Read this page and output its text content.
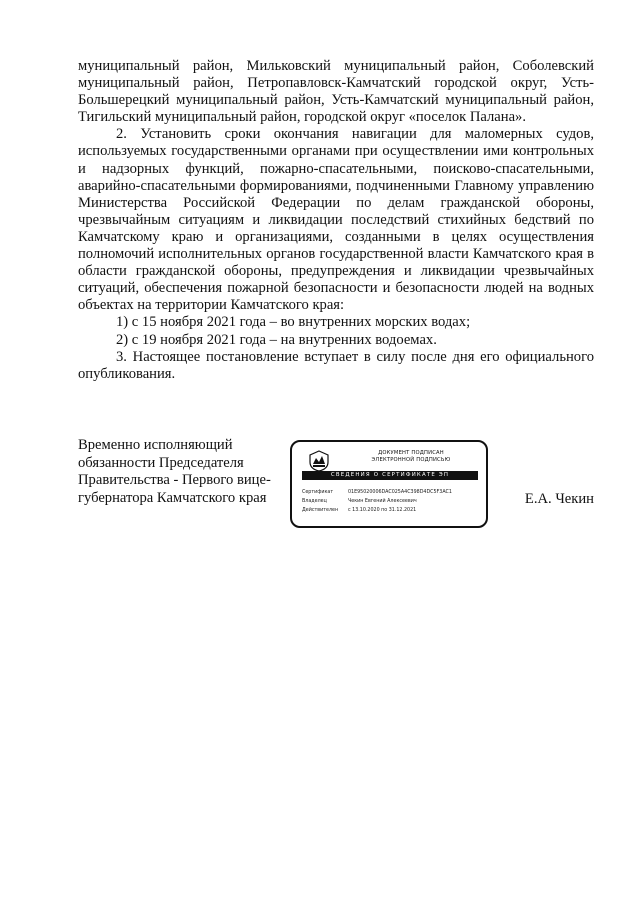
муниципальный район, Мильковский муниципальный район, Соболевский муниципальный район, Петропавловск-Камчатский городской округ, Усть-Большерецкий муниципальный район, Усть-Камчатский муниципальный район, Тигильский муниципальный район, городской округ «поселок Палана».

2. Установить сроки окончания навигации для маломерных судов, используемых государственными органами при осуществлении ими контрольных и надзорных функций, пожарно-спасательными, поисково-спасательными, аварийно-спасательными формированиями, подчиненными Главному управлению Министерства Российской Федерации по делам гражданской обороны, чрезвычайным ситуациям и ликвидации последствий стихийных бедствий по Камчатскому краю и организациями, созданными в целях осуществления полномочий исполнительных органов государственной власти Камчатского края в области гражданской обороны, предупреждения и ликвидации чрезвычайных ситуаций, обеспечения пожарной безопасности и безопасности людей на водных объектах на территории Камчатского края:

1) с 15 ноября 2021 года – во внутренних морских водах;

2) с 19 ноября 2021 года – на внутренних водоемах.

3. Настоящее постановление вступает в силу после дня его официального опубликования.

Временно исполняющий
обязанности Председателя
Правительства - Первого вице-
губернатора Камчатского края
ДОКУМЕНТ ПОДПИСАН
ЭЛЕКТРОННОЙ ПОДПИСЬЮ
СВЕДЕНИЯ О СЕРТИФИКАТЕ ЭП
Сертификат	01E95020006DAC025A4C398D4DC5F3AC1
Владелец	Чекин Евгений Алексеевич
Действителен	с 13.10.2020 по 31.12.2021
Е.А. Чекин
